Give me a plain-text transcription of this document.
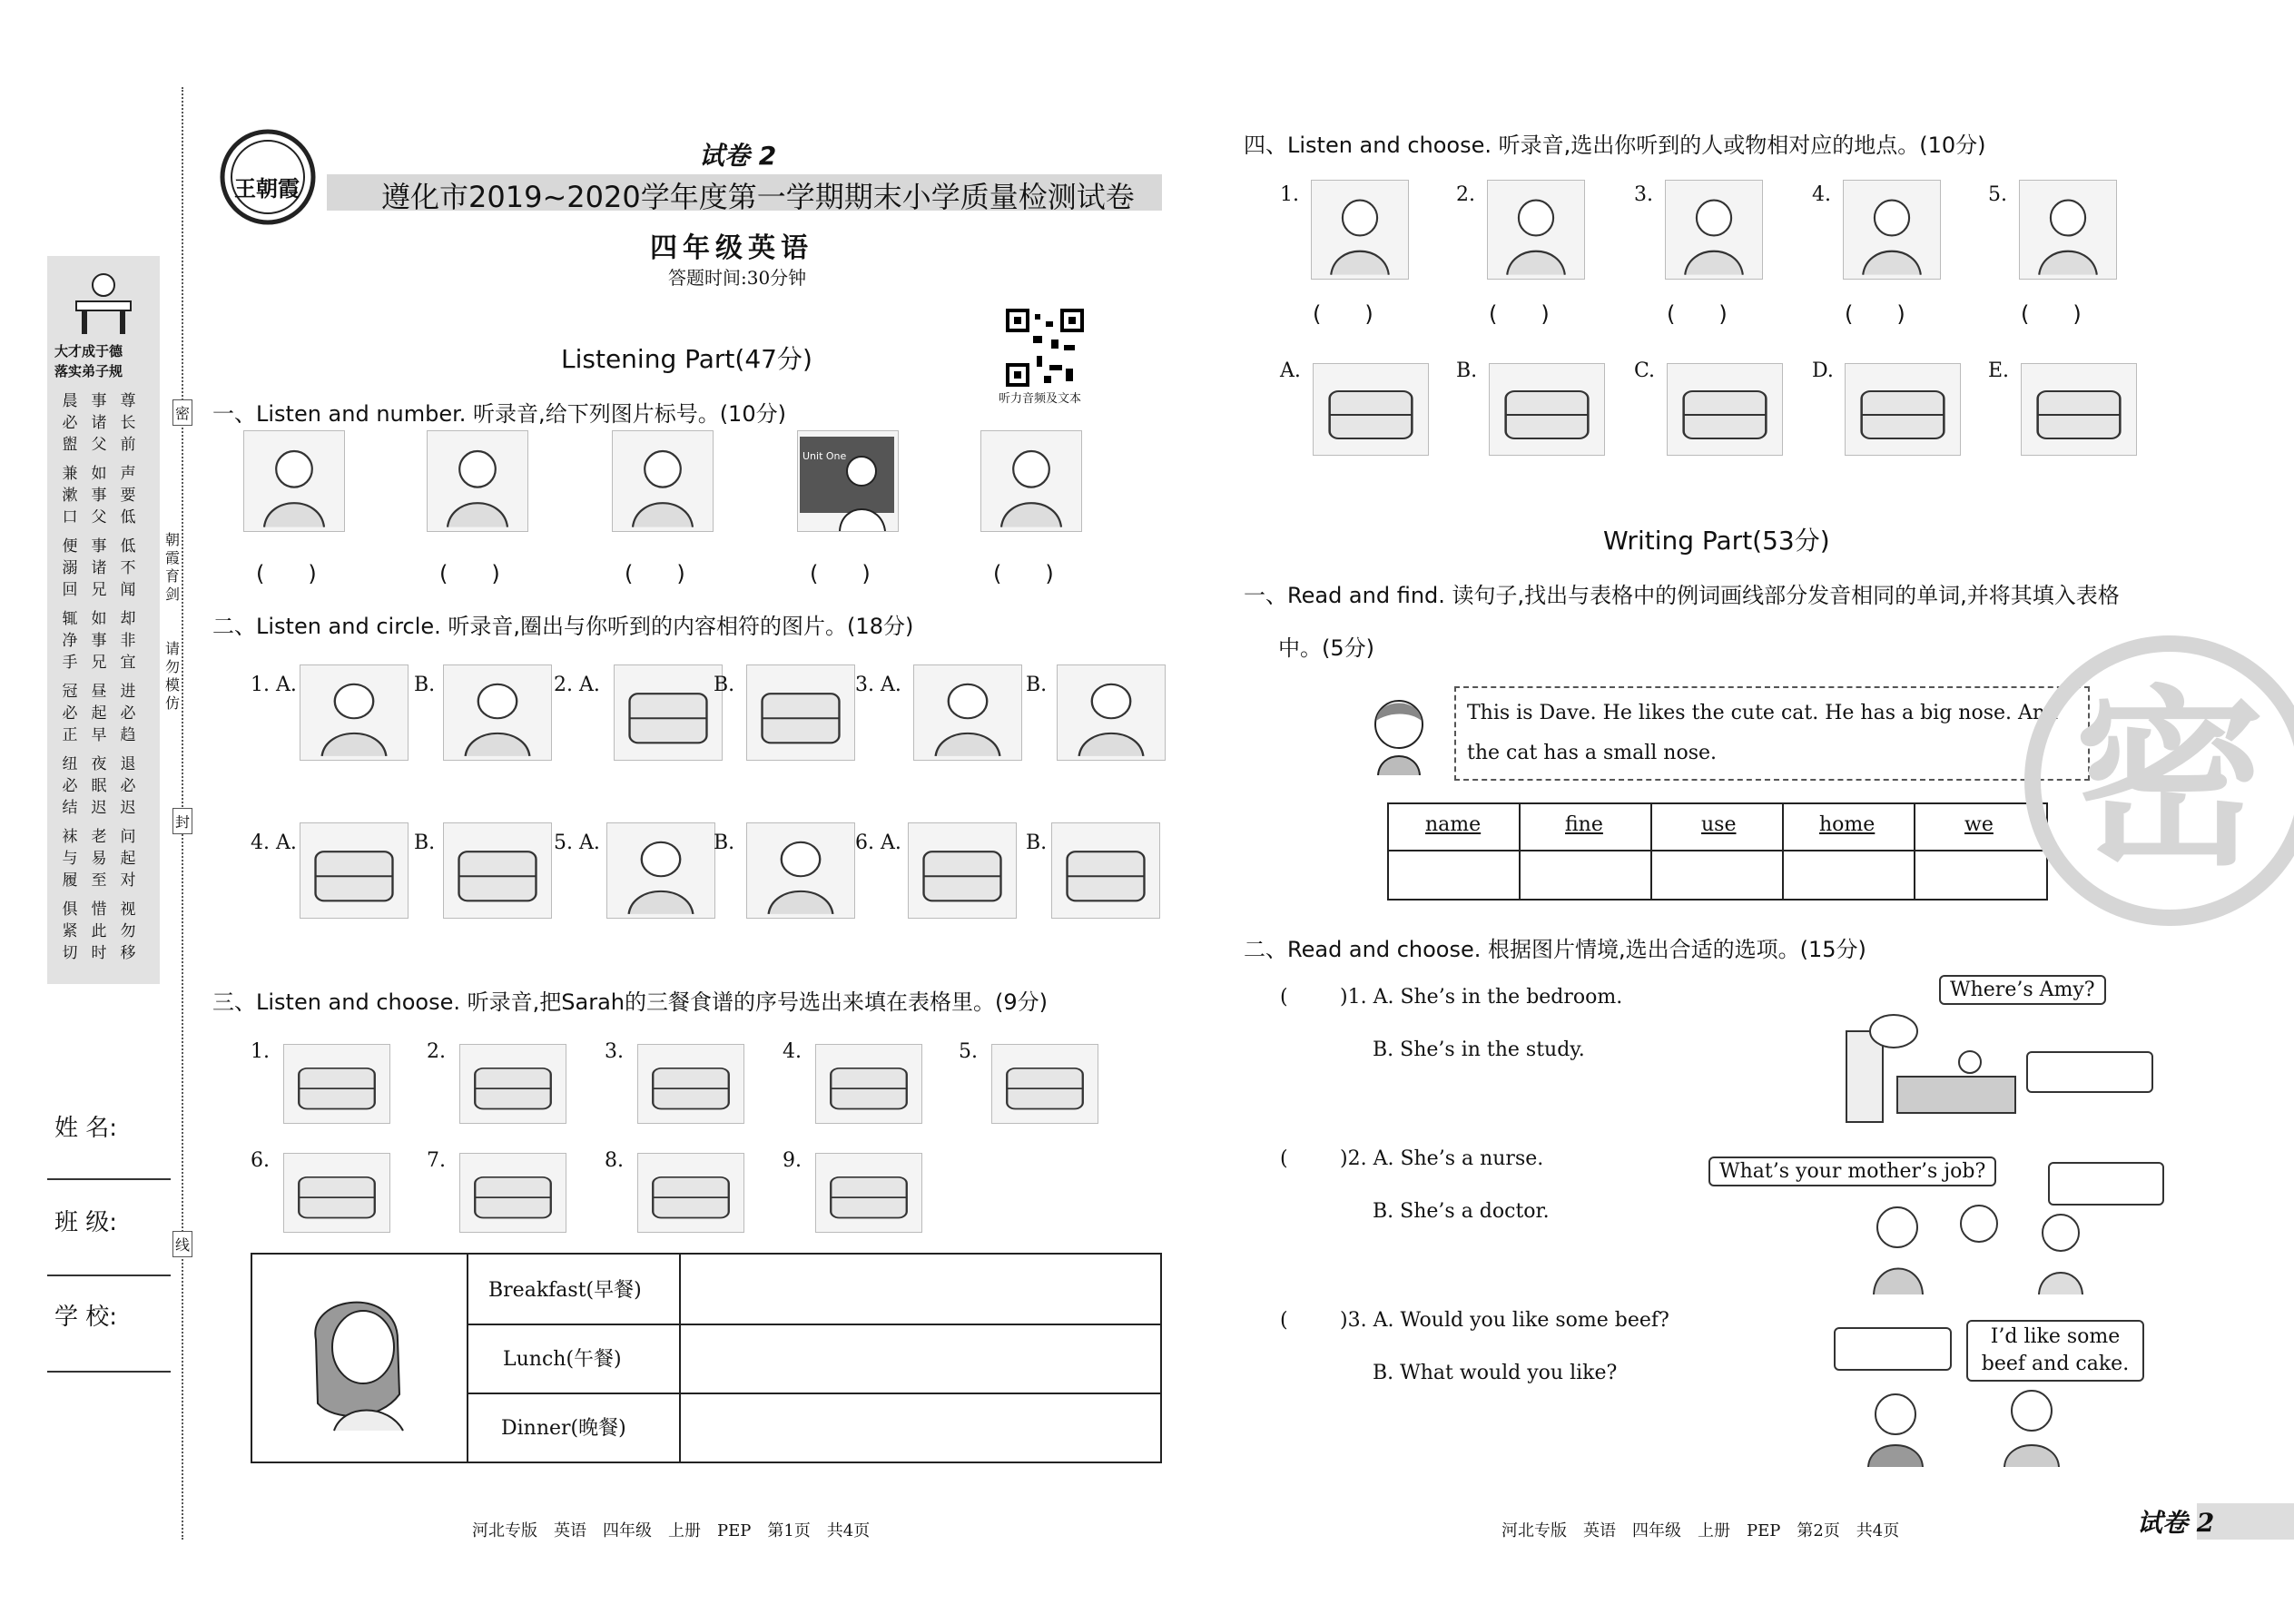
大才成于德
落实弟子规
晨必盥
事诸父
尊长前
兼漱口
如事父
声要低
便溺回
事诸兄
低不闻
辄净手
如事兄
却非宜
冠必正
昼起早
进必趋
纽必结
夜眠迟
退必迟
袜与履
老易至
问起对
俱紧切
惜此时
视勿移
密
封
线
朝霞育剑
请勿模仿
姓 名:
班 级:
学 校:
王朝霞
试卷 2
遵化市2019~2020学年度第一学期期末小学质量检测试卷
四年级英语
答题时间:30分钟
听力音频及文本
Listening Part(47分)
一、Listen and number. 听录音,给下列图片标号。(10分)
二、Listen and circle. 听录音,圈出与你听到的内容相符的图片。(18分)
三、Listen and choose. 听录音,把Sarah的三餐食谱的序号选出来填在表格里。(9分)
Breakfast(早餐)
Lunch(午餐)
Dinner(晚餐)
河北专版　英语　四年级　上册　PEP　第1页　共4页
四、Listen and choose. 听录音,选出你听到的人或物相对应的地点。(10分)
Writing Part(53分)
一、Read and find. 读句子,找出与表格中的例词画线部分发音相同的单词,并将其填入表格
中。(5分)
This is Dave. He likes the cute cat. He has a big nose. And the cat has a small nose.
name	fine	use	home	we
二、Read and choose. 根据图片情境,选出合适的选项。(15分)
(	)1. A. She’s in the bedroom.
B. She’s in the study.
Where’s Amy?
(	)2. A. She’s a nurse.
B. She’s a doctor.
What’s your mother’s job?
(	)3. A. Would you like some beef?
B. What would you like?
I’d like some beef and cake.
密
河北专版　英语　四年级　上册　PEP　第2页　共4页	试卷 2
(　　)	(　　)	(　　)	(　　)	(　　)
Unit One
1. A.	B.	2. A.	B.	3. A.	B.
4. A.	B.	5. A.	B.	6. A.	B.
1.	2.	3.	4.	5.
6.	7.	8.	9.
1.
(　　)
2.
(　　)
3.
(　　)
4.
(　　)
5.
(　　)
A.	B.	C.	D.	E.
